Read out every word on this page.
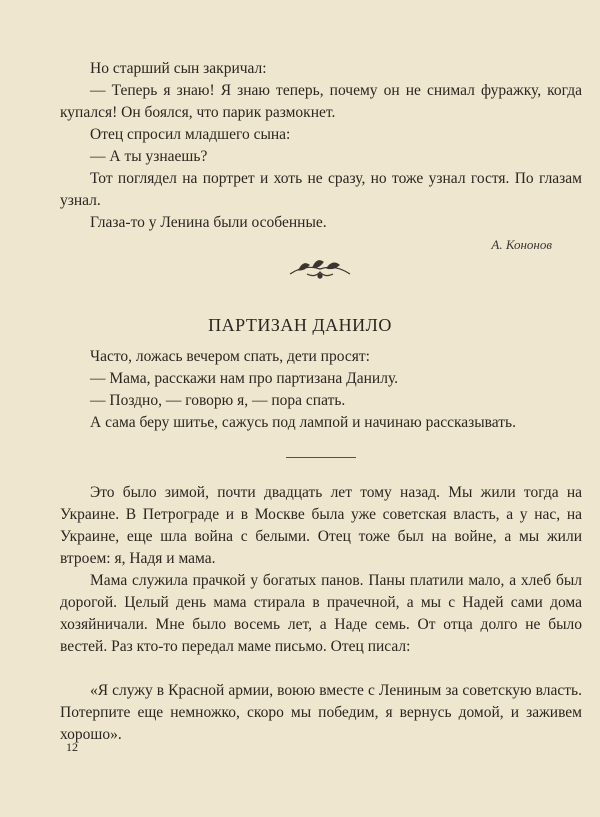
Но старший сын закричал:

— Теперь я знаю! Я знаю теперь, почему он не снимал фуражку, когда купался! Он боялся, что парик размокнет.

Отец спросил младшего сына:

— А ты узнаешь?

Тот поглядел на портрет и хоть не сразу, но тоже узнал гостя. По глазам узнал.

Глаза-то у Ленина были особенные.

А. Кононов

ПАРТИЗАН ДАНИЛО

Часто, ложась вечером спать, дети просят:

— Мама, расскажи нам про партизана Данилу.

— Поздно, — говорю я, — пора спать.

А сама беру шитье, сажусь под лампой и начинаю рассказывать.

Это было зимой, почти двадцать лет тому назад. Мы жили тогда на Украине. В Петрограде и в Москве была уже советская власть, а у нас, на Украине, еще шла война с белыми. Отец тоже был на войне, а мы жили втроем: я, Надя и мама.

Мама служила прачкой у богатых панов. Паны платили мало, а хлеб был дорогой. Целый день мама стирала в прачечной, а мы с Надей сами дома хозяйничали. Мне было восемь лет, а Наде семь. От отца долго не было вестей. Раз кто-то передал маме письмо. Отец писал:

«Я служу в Красной армии, воюю вместе с Лениным за советскую власть. Потерпите еще немножко, скоро мы победим, я вернусь домой, и заживем хорошо».

12
